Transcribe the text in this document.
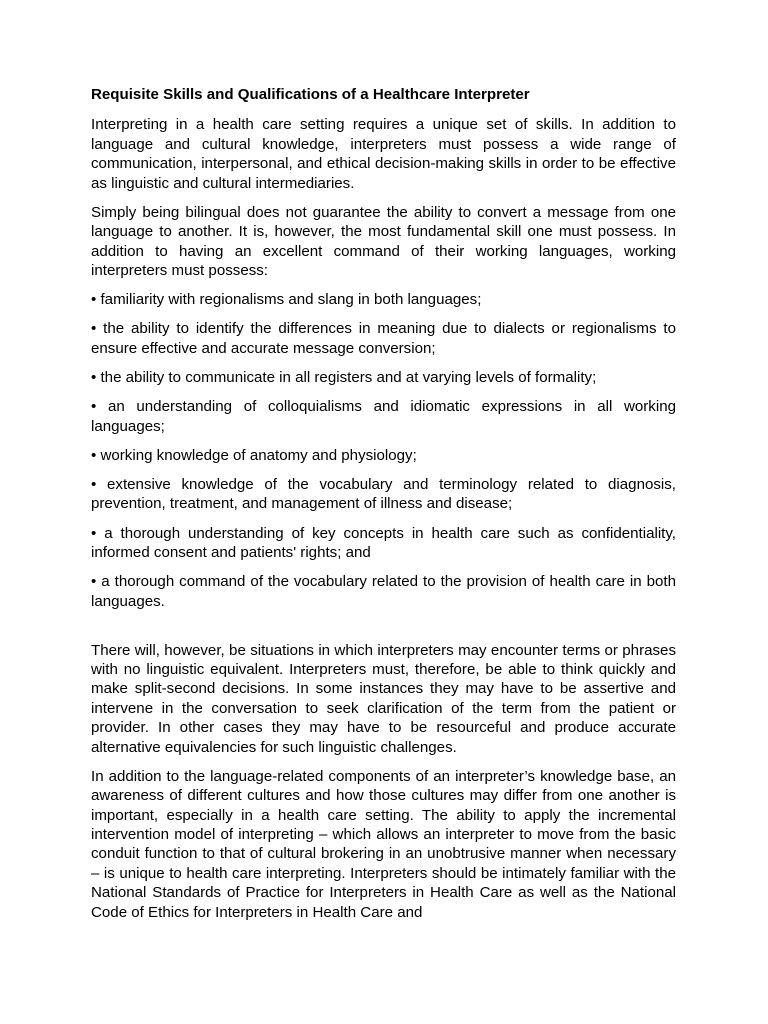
Requisite Skills and Qualifications of a Healthcare Interpreter

Interpreting in a health care setting requires a unique set of skills. In addition to language and cultural knowledge, interpreters must possess a wide range of communication, interpersonal, and ethical decision-making skills in order to be effective as linguistic and cultural intermediaries.

Simply being bilingual does not guarantee the ability to convert a message from one language to another. It is, however, the most fundamental skill one must possess. In addition to having an excellent command of their working languages, working interpreters must possess:

• familiarity with regionalisms and slang in both languages;
• the ability to identify the differences in meaning due to dialects or regionalisms to ensure effective and accurate message conversion;
• the ability to communicate in all registers and at varying levels of formality;
• an understanding of colloquialisms and idiomatic expressions in all working languages;
• working knowledge of anatomy and physiology;
• extensive knowledge of the vocabulary and terminology related to diagnosis, prevention, treatment, and management of illness and disease;
• a thorough understanding of key concepts in health care such as confidentiality, informed consent and patients' rights; and
• a thorough command of the vocabulary related to the provision of health care in both languages.

There will, however, be situations in which interpreters may encounter terms or phrases with no linguistic equivalent. Interpreters must, therefore, be able to think quickly and make split-second decisions. In some instances they may have to be assertive and intervene in the conversation to seek clarification of the term from the patient or provider. In other cases they may have to be resourceful and produce accurate alternative equivalencies for such linguistic challenges.

In addition to the language-related components of an interpreter’s knowledge base, an awareness of different cultures and how those cultures may differ from one another is important, especially in a health care setting. The ability to apply the incremental intervention model of interpreting – which allows an interpreter to move from the basic conduit function to that of cultural brokering in an unobtrusive manner when necessary – is unique to health care interpreting. Interpreters should be intimately familiar with the National Standards of Practice for Interpreters in Health Care as well as the National Code of Ethics for Interpreters in Health Care and
